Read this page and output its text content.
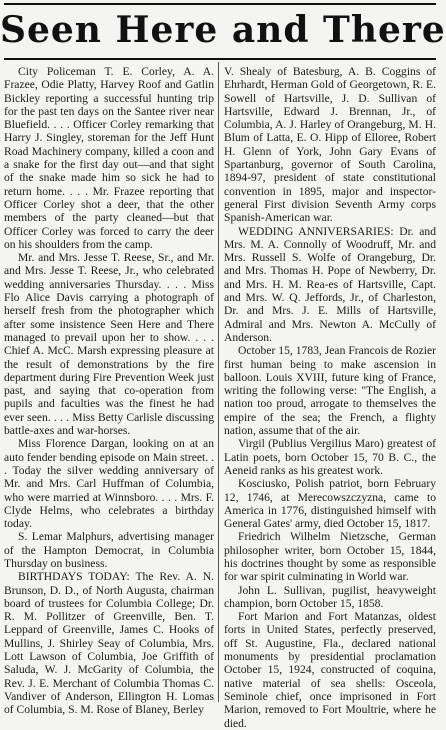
Seen Here and There

City Policeman T. E. Corley, A. A. Frazee, Odie Platty, Harvey Roof and Gatlin Bickley reporting a successful hunting trip for the past ten days on the Santee river near Bluefield. . . . Officer Corley remarking that Harry J. Singley, storeman for the Jeff Hunt Road Machinery company, killed a coon and a snake for the first day out—and that sight of the snake made him so sick he had to return home. . . . Mr. Frazee reporting that Officer Corley shot a deer, that the other members of the party cleaned—but that Officer Corley was forced to carry the deer on his shoulders from the camp.

Mr. and Mrs. Jesse T. Reese, Sr., and Mr. and Mrs. Jesse T. Reese, Jr., who celebrated wedding anniversaries Thursday. . . . Miss Flo Alice Davis carrying a photograph of herself fresh from the photographer which after some insistence Seen Here and There managed to prevail upon her to show. . . . Chief A. McC. Marsh expressing pleasure at the result of demonstrations by the fire department during Fire Prevention Week just past, and saying that co-operation from pupils and faculties was the finest he had ever seen. . . . Miss Betty Carlisle discussing battle-axes and war-horses.

Miss Florence Dargan, looking on at an auto fender bending episode on Main street. . . Today the silver wedding anniversary of Mr. and Mrs. Carl Huffman of Columbia, who were married at Winnsboro. . . . Mrs. F. Clyde Helms, who celebrates a birthday today.

S. Lemar Malphurs, advertising manager of the Hampton Democrat, in Columbia Thursday on business.

BIRTHDAYS TODAY: The Rev. A. N. Brunson, D. D., of North Augusta, chairman board of trustees for Columbia College; Dr. R. M. Pollitzer of Greenville, Ben. T. Leppard of Greenville, James C. Hooks of Mullins, J. Shirley Seay of Columbia, Mrs. Lott Lawson of Columbia, Joe Griffith of Saluda, W. J. McGarity of Columbia, the Rev. J. E. Merchant of Columbia Thomas C. Vandiver of Anderson, Ellington H. Lomas of Columbia, S. M. Rose of Blaney, Berley

V. Shealy of Batesburg, A. B. Coggins of Ehrhardt, Herman Gold of Georgetown, R. E. Sowell of Hartsville, J. D. Sullivan of Hartsville, Edward J. Brennan, Jr., of Columbia, A. J. Harley of Orangeburg, M. H. Blum of Latta, E. O. Hipp of Elloree, Robert H. Glenn of York, John Gary Evans of Spartanburg, governor of South Carolina, 1894-97, president of state constitutional convention in 1895, major and inspector-general First division Seventh Army corps Spanish-American war.

WEDDING ANNIVERSARIES: Dr. and Mrs. M. A. Connolly of Woodruff, Mr. and Mrs. Russell S. Wolfe of Orangeburg, Dr. and Mrs. Thomas H. Pope of Newberry, Dr. and Mrs. H. M. Rea-es of Hartsville, Capt. and Mrs. W. Q. Jeffords, Jr., of Charleston, Dr. and Mrs. J. E. Mills of Hartsville, Admiral and Mrs. Newton A. McCully of Anderson.

October 15, 1783, Jean Francois de Rozier first human being to make ascension in balloon. Louis XVIII, future king of France, writing the following verse: "The English, a nation too proud, arrogate to themselves the empire of the sea; the French, a flighty nation, assume that of the air.

Virgil (Publius Vergilius Maro) greatest of Latin poets, born October 15, 70 B. C., the Aeneid ranks as his greatest work.

Kosciusko, Polish patriot, born February 12, 1746, at Merecowszczyzna, came to America in 1776, distinguished himself with General Gates' army, died October 15, 1817.

Friedrich Wilhelm Nietzsche, German philosopher writer, born October 15, 1844, his doctrines thought by some as responsible for war spirit culminating in World war.

John L. Sullivan, pugilist, heavyweight champion, born October 15, 1858.

Fort Marion and Fort Matanzas, oldest forts in United States, perfectly preserved, off St. Augustine, Fla., declared national monuments by presidential proclamation October 15, 1924, constructed of coquina, native material of sea shells: Osceola, Seminole chief, once imprisoned in Fort Marion, removed to Fort Moultrie, where he died.
